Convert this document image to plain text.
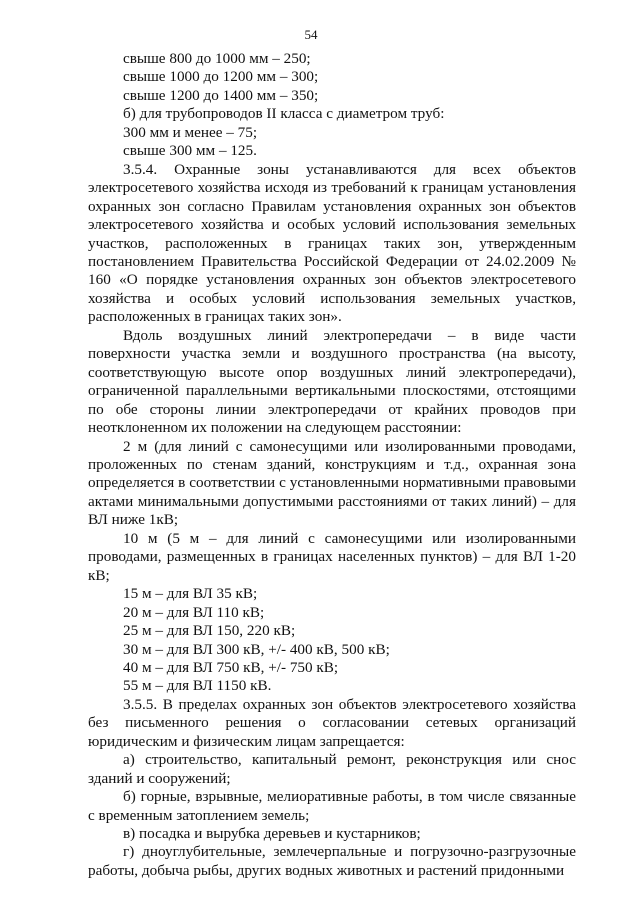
54

свыше 800 до 1000 мм – 250;

свыше 1000 до 1200 мм – 300;

свыше 1200 до 1400 мм – 350;

б) для трубопроводов II класса с диаметром труб:

300 мм и менее – 75;

свыше 300 мм – 125.

3.5.4. Охранные зоны устанавливаются для всех объектов электросетевого хозяйства исходя из требований к границам установления охранных зон согласно Правилам установления охранных зон объектов электросетевого хозяйства и особых условий использования земельных участков, расположенных в границах таких зон, утвержденным постановлением Правительства Российской Федерации от 24.02.2009 № 160 «О порядке установления охранных зон объектов электросетевого хозяйства и особых условий использования земельных участков, расположенных в границах таких зон».

Вдоль воздушных линий электропередачи – в виде части поверхности участка земли и воздушного пространства (на высоту, соответствующую высоте опор воздушных линий электропередачи), ограниченной параллельными вертикальными плоскостями, отстоящими по обе стороны линии электропередачи от крайних проводов при неотклоненном их положении на следующем расстоянии:

2 м (для линий с самонесущими или изолированными проводами, проложенных по стенам зданий, конструкциям и т.д., охранная зона определяется в соответствии с установленными нормативными правовыми актами минимальными допустимыми расстояниями от таких линий) – для ВЛ ниже 1кВ;

10 м (5 м – для линий с самонесущими или изолированными проводами, размещенных в границах населенных пунктов) – для ВЛ 1-20 кВ;

15 м – для ВЛ 35 кВ;

20 м – для ВЛ 110 кВ;

25 м – для ВЛ 150, 220 кВ;

30 м – для ВЛ 300 кВ, +/- 400 кВ, 500 кВ;

40 м – для ВЛ 750 кВ, +/- 750 кВ;

55 м – для ВЛ 1150 кВ.

3.5.5. В пределах охранных зон объектов электросетевого хозяйства без письменного решения о согласовании сетевых организаций юридическим и физическим лицам запрещается:

а) строительство, капитальный ремонт, реконструкция или снос зданий и сооружений;

б) горные, взрывные, мелиоративные работы, в том числе связанные с временным затоплением земель;

в) посадка и вырубка деревьев и кустарников;

г) дноуглубительные, землечерпальные и погрузочно-разгрузочные работы, добыча рыбы, других водных животных и растений придонными
